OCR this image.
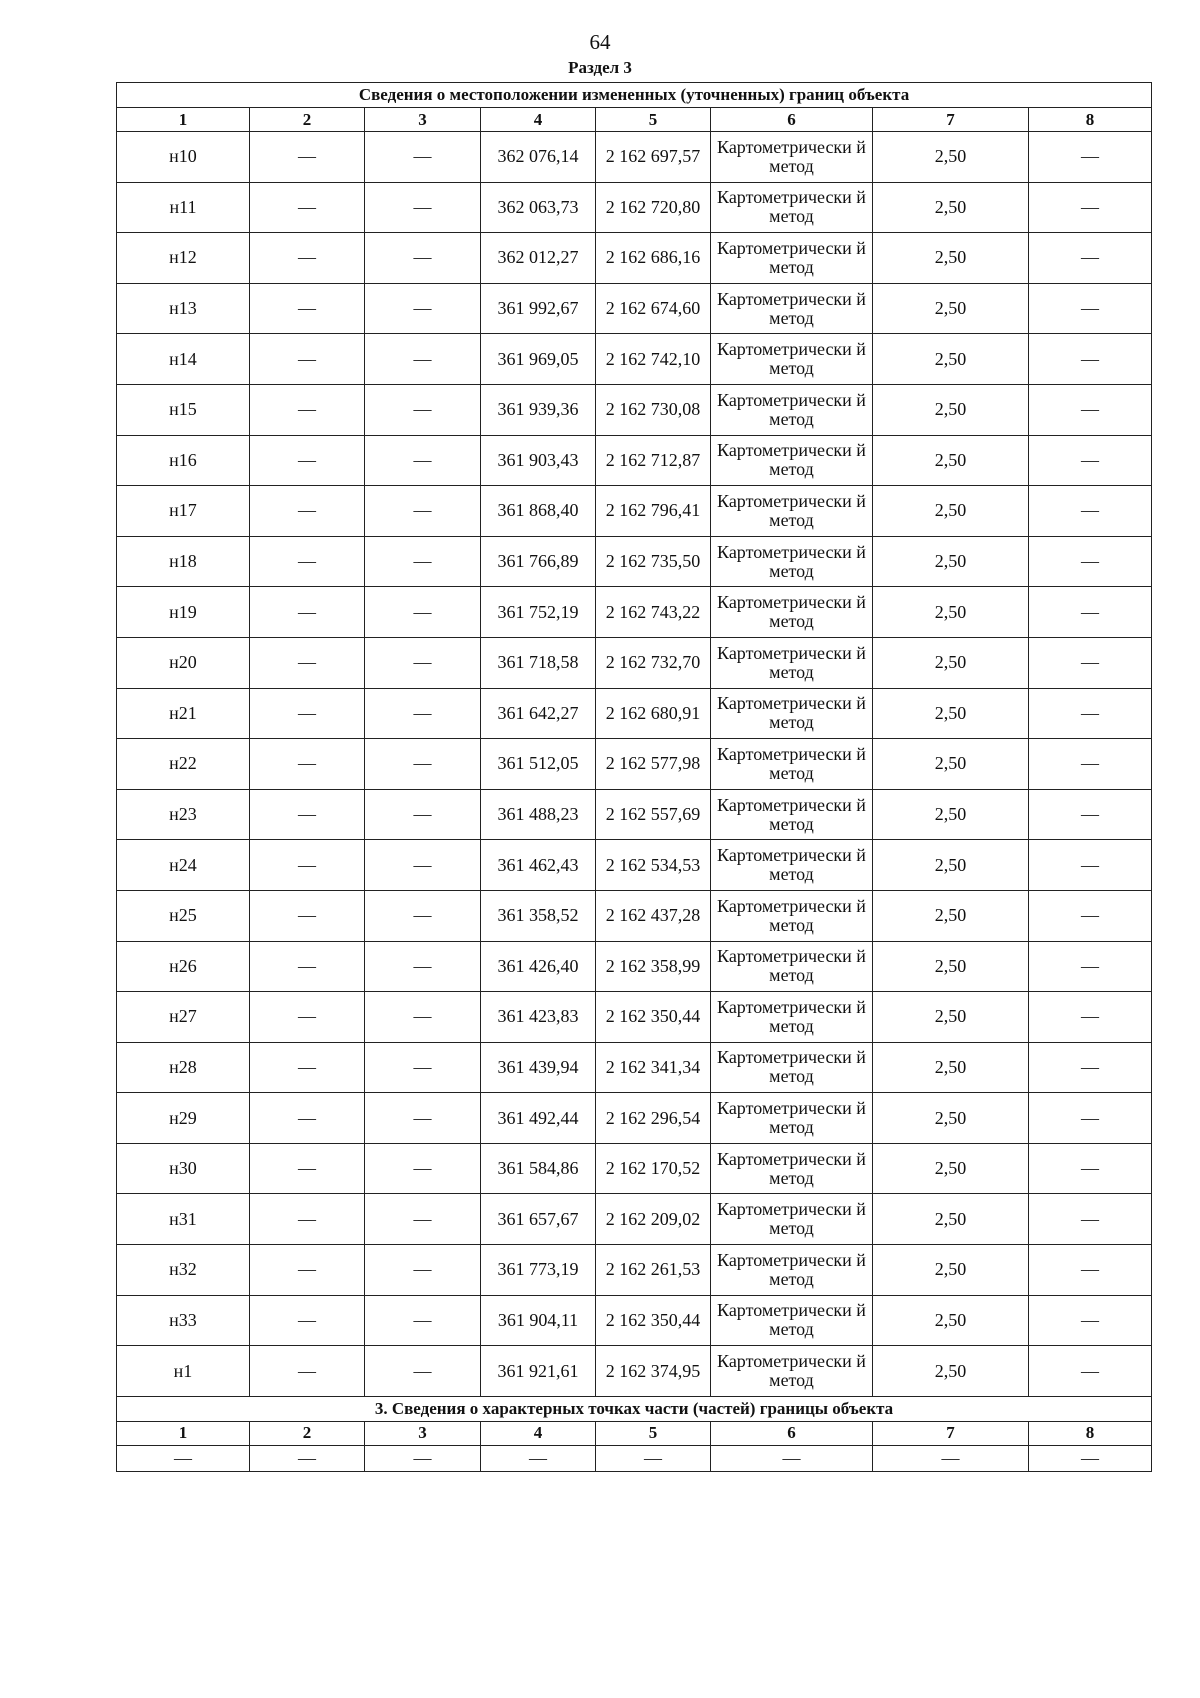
64
Раздел 3
Сведения о местоположении измененных (уточненных) границ объекта							
1	2	3	4	5	6	7	8
н10	—	—	362 076,14	2 162 697,57	Картометрически й метод	2,50	—
н11	—	—	362 063,73	2 162 720,80	Картометрически й метод	2,50	—
н12	—	—	362 012,27	2 162 686,16	Картометрически й метод	2,50	—
н13	—	—	361 992,67	2 162 674,60	Картометрически й метод	2,50	—
н14	—	—	361 969,05	2 162 742,10	Картометрически й метод	2,50	—
н15	—	—	361 939,36	2 162 730,08	Картометрически й метод	2,50	—
н16	—	—	361 903,43	2 162 712,87	Картометрически й метод	2,50	—
н17	—	—	361 868,40	2 162 796,41	Картометрически й метод	2,50	—
н18	—	—	361 766,89	2 162 735,50	Картометрически й метод	2,50	—
н19	—	—	361 752,19	2 162 743,22	Картометрически й метод	2,50	—
н20	—	—	361 718,58	2 162 732,70	Картометрически й метод	2,50	—
н21	—	—	361 642,27	2 162 680,91	Картометрически й метод	2,50	—
н22	—	—	361 512,05	2 162 577,98	Картометрически й метод	2,50	—
н23	—	—	361 488,23	2 162 557,69	Картометрически й метод	2,50	—
н24	—	—	361 462,43	2 162 534,53	Картометрически й метод	2,50	—
н25	—	—	361 358,52	2 162 437,28	Картометрически й метод	2,50	—
н26	—	—	361 426,40	2 162 358,99	Картометрически й метод	2,50	—
н27	—	—	361 423,83	2 162 350,44	Картометрически й метод	2,50	—
н28	—	—	361 439,94	2 162 341,34	Картометрически й метод	2,50	—
н29	—	—	361 492,44	2 162 296,54	Картометрически й метод	2,50	—
н30	—	—	361 584,86	2 162 170,52	Картометрически й метод	2,50	—
н31	—	—	361 657,67	2 162 209,02	Картометрически й метод	2,50	—
н32	—	—	361 773,19	2 162 261,53	Картометрически й метод	2,50	—
н33	—	—	361 904,11	2 162 350,44	Картометрически й метод	2,50	—
н1	—	—	361 921,61	2 162 374,95	Картометрически й метод	2,50	—
3. Сведения о характерных точках части (частей) границы объекта							
1	2	3	4	5	6	7	8
—	—	—	—	—	—	—	—
